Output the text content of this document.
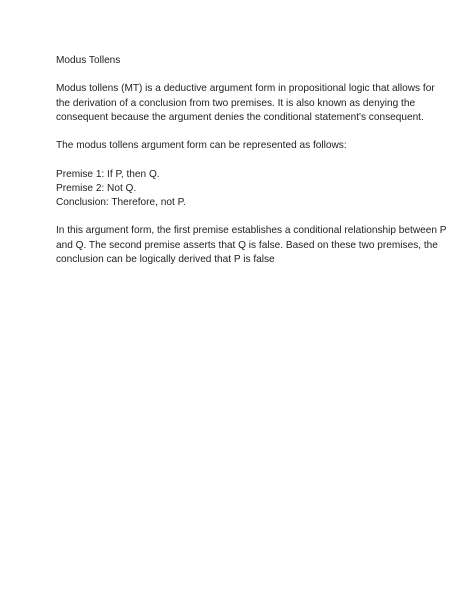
Modus Tollens

Modus tollens (MT) is a deductive argument form in propositional logic that allows for
the derivation of a conclusion from two premises. It is also known as denying the
consequent because the argument denies the conditional statement's consequent.

The modus tollens argument form can be represented as follows:

Premise 1: If P, then Q.
Premise 2: Not Q.
Conclusion: Therefore, not P.

In this argument form, the first premise establishes a conditional relationship between P
and Q. The second premise asserts that Q is false. Based on these two premises, the
conclusion can be logically derived that P is false
